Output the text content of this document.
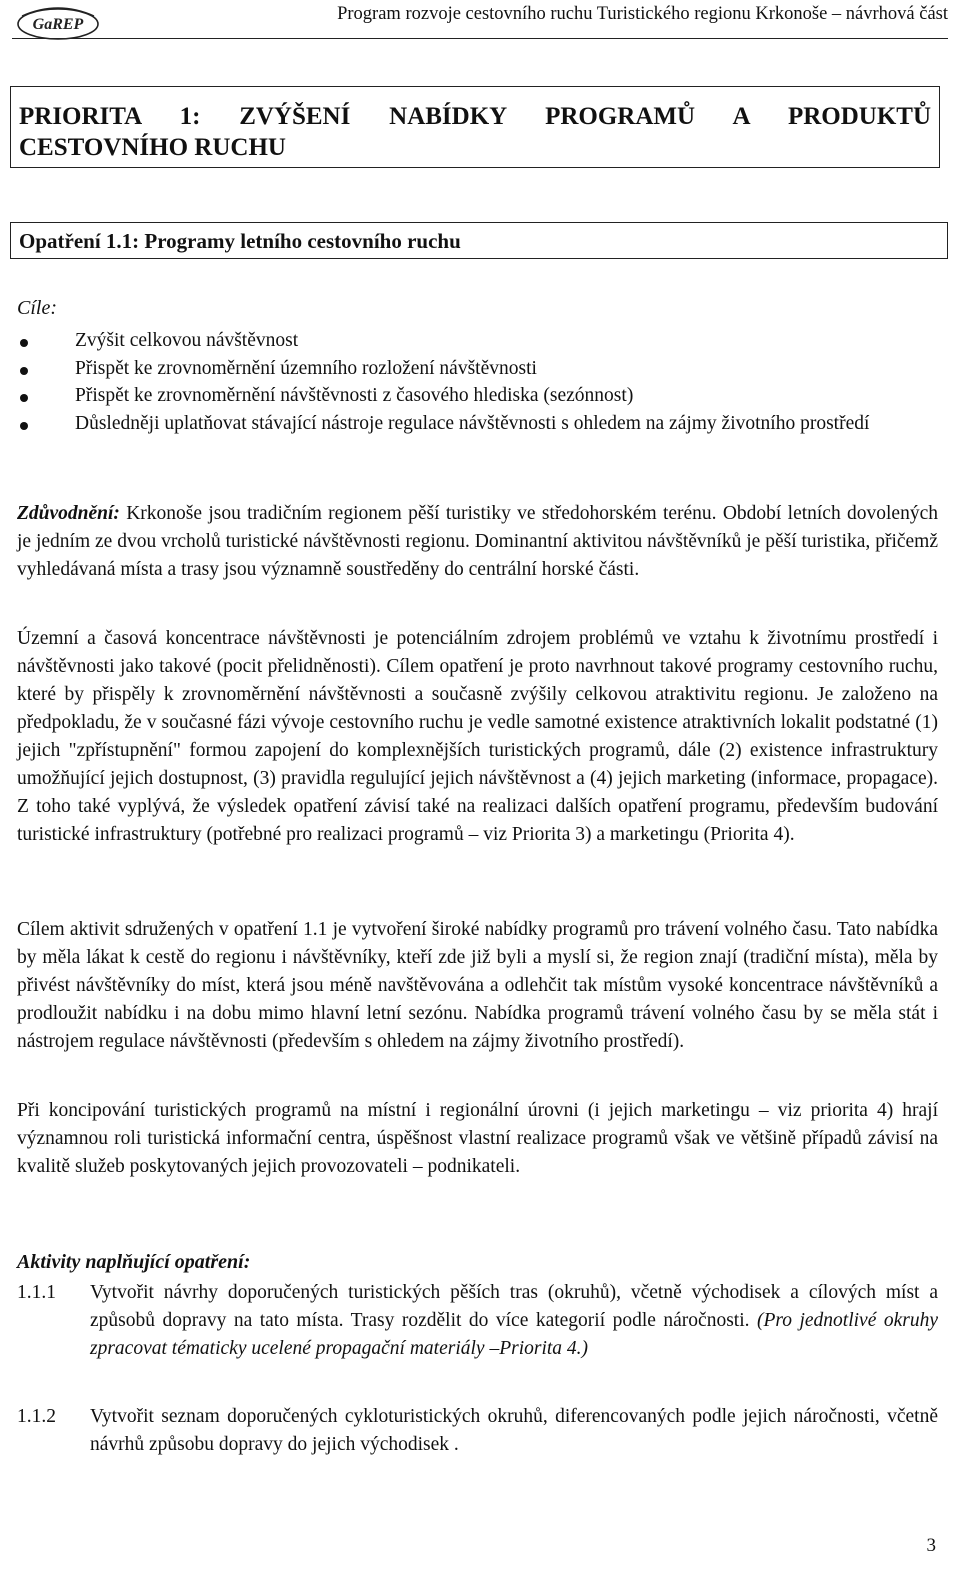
GaREP
Program rozvoje cestovního ruchu Turistického regionu Krkonoše – návrhová část
PRIORITA 1: ZVÝŠENÍ NABÍDKY PROGRAMŮ A PRODUKTŮ
CESTOVNÍHO RUCHU
Opatření 1.1: Programy letního cestovního ruchu
Cíle:
Zvýšit celkovou návštěvnost
Přispět ke zrovnoměrnění územního rozložení návštěvnosti
Přispět ke zrovnoměrnění návštěvnosti z časového hlediska (sezónnost)
Důsledněji uplatňovat stávající nástroje regulace návštěvnosti s ohledem na zájmy životního prostředí

Zdůvodnění: Krkonoše jsou tradičním regionem pěší turistiky ve středohorském terénu. Období letních dovolených je jedním ze dvou vrcholů turistické návštěvnosti regionu. Dominantní aktivitou návštěvníků je pěší turistika, přičemž vyhledávaná místa a trasy jsou významně soustředěny do centrální horské části.

Územní a časová koncentrace návštěvnosti je potenciálním zdrojem problémů ve vztahu k životnímu prostředí i návštěvnosti jako takové (pocit přelidněnosti). Cílem opatření je proto navrhnout takové programy cestovního ruchu, které by přispěly k zrovnoměrnění návštěvnosti a současně zvýšily celkovou atraktivitu regionu. Je založeno na předpokladu, že v současné fázi vývoje cestovního ruchu je vedle samotné existence atraktivních lokalit podstatné (1) jejich "zpřístupnění" formou zapojení do komplexnějších turistických programů, dále (2) existence infrastruktury umožňující jejich dostupnost, (3) pravidla regulující jejich návštěvnost a (4) jejich marketing (informace, propagace). Z toho také vyplývá, že výsledek opatření závisí také na realizaci dalších opatření programu, především budování turistické infrastruktury (potřebné pro realizaci programů – viz Priorita 3) a marketingu (Priorita 4).

Cílem aktivit sdružených v opatření 1.1 je vytvoření široké nabídky programů pro trávení volného času. Tato nabídka by měla lákat k cestě do regionu i návštěvníky, kteří zde již byli a myslí si, že region znají (tradiční místa), měla by přivést návštěvníky do míst, která jsou méně navštěvována a odlehčit tak místům vysoké koncentrace návštěvníků a prodloužit nabídku i na dobu mimo hlavní letní sezónu. Nabídka programů trávení volného času by se měla stát i nástrojem regulace návštěvnosti (především s ohledem na zájmy životního prostředí).

Při koncipování turistických programů na místní i regionální úrovni (i jejich marketingu – viz priorita 4) hrají významnou roli turistická informační centra, úspěšnost vlastní realizace programů však ve většině případů závisí na kvalitě služeb poskytovaných jejich provozovateli – podnikateli.

Aktivity naplňující opatření:
1.1.1 Vytvořit návrhy doporučených turistických pěších tras (okruhů), včetně východisek a cílových míst a způsobů dopravy na tato místa. Trasy rozdělit do více kategorií podle náročnosti. (Pro jednotlivé okruhy zpracovat tématicky ucelené propagační materiály –Priorita 4.)
1.1.2 Vytvořit seznam doporučených cykloturistických okruhů, diferencovaných podle jejich náročnosti, včetně návrhů způsobu dopravy do jejich východisek .
3
